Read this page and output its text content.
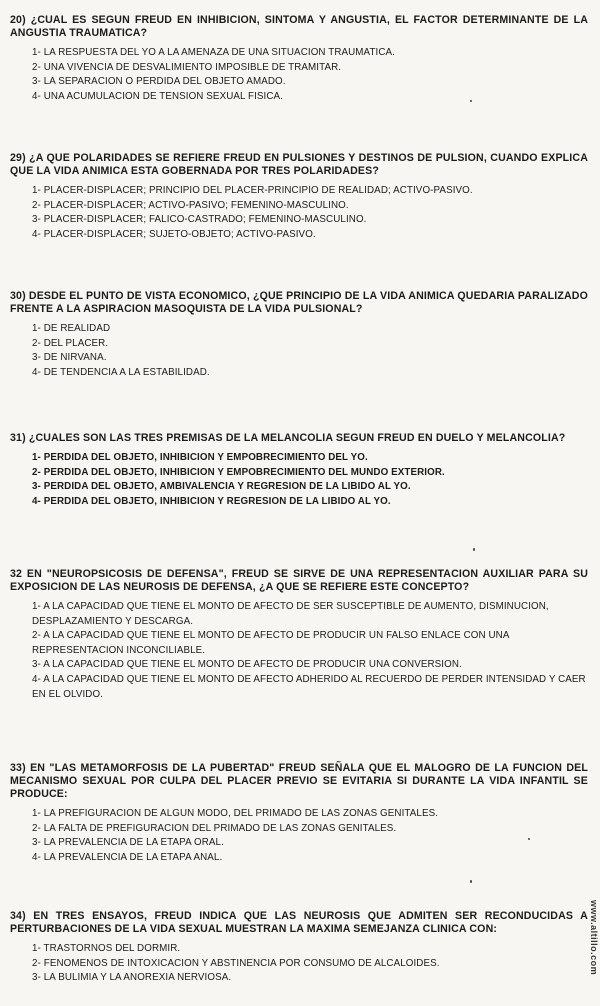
20) ¿CUAL ES SEGUN FREUD EN INHIBICION, SINTOMA Y ANGUSTIA, EL FACTOR DETERMINANTE DE LA ANGUSTIA TRAUMATICA?
1- LA RESPUESTA DEL YO A LA AMENAZA DE UNA SITUACION TRAUMATICA.
2- UNA VIVENCIA DE DESVALIMIENTO IMPOSIBLE DE TRAMITAR.
3- LA SEPARACION O PERDIDA DEL OBJETO AMADO.
4- UNA ACUMULACION DE TENSION SEXUAL FISICA.
29) ¿A QUE POLARIDADES SE REFIERE FREUD EN PULSIONES Y DESTINOS DE PULSION, CUANDO EXPLICA QUE LA VIDA ANIMICA ESTA GOBERNADA POR TRES POLARIDADES?
1- PLACER-DISPLACER; PRINCIPIO DEL PLACER-PRINCIPIO DE REALIDAD; ACTIVO-PASIVO.
2- PLACER-DISPLACER; ACTIVO-PASIVO; FEMENINO-MASCULINO.
3- PLACER-DISPLACER; FALICO-CASTRADO; FEMENINO-MASCULINO.
4- PLACER-DISPLACER; SUJETO-OBJETO; ACTIVO-PASIVO.
30) DESDE EL PUNTO DE VISTA ECONOMICO, ¿QUE PRINCIPIO DE LA VIDA ANIMICA QUEDARIA PARALIZADO FRENTE A LA ASPIRACION MASOQUISTA DE LA VIDA PULSIONAL?
1- DE REALIDAD
2- DEL PLACER.
3- DE NIRVANA.
4- DE TENDENCIA A LA ESTABILIDAD.
31) ¿CUALES SON LAS TRES PREMISAS DE LA MELANCOLIA SEGUN FREUD EN DUELO Y MELANCOLIA?
1- PERDIDA DEL OBJETO, INHIBICION Y EMPOBRECIMIENTO DEL YO.
2- PERDIDA DEL OBJETO, INHIBICION Y EMPOBRECIMIENTO DEL MUNDO EXTERIOR.
3- PERDIDA DEL OBJETO, AMBIVALENCIA Y REGRESION DE LA LIBIDO AL YO.
4- PERDIDA DEL OBJETO, INHIBICION Y REGRESION DE LA LIBIDO AL YO.
32 EN "NEUROPSICOSIS DE DEFENSA", FREUD SE SIRVE DE UNA REPRESENTACION AUXILIAR PARA SU EXPOSICION DE LAS NEUROSIS DE DEFENSA, ¿A QUE SE REFIERE ESTE CONCEPTO?
1- A LA CAPACIDAD QUE TIENE EL MONTO DE AFECTO DE SER SUSCEPTIBLE DE AUMENTO, DISMINUCION, DESPLAZAMIENTO Y DESCARGA.
2- A LA CAPACIDAD QUE TIENE EL MONTO DE AFECTO DE PRODUCIR UN FALSO ENLACE CON UNA REPRESENTACION INCONCILIABLE.
3- A LA CAPACIDAD QUE TIENE EL MONTO DE AFECTO DE PRODUCIR UNA CONVERSION.
4- A LA CAPACIDAD QUE TIENE EL MONTO DE AFECTO ADHERIDO AL RECUERDO DE PERDER INTENSIDAD Y CAER EN EL OLVIDO.
33) EN "LAS METAMORFOSIS DE LA PUBERTAD" FREUD SEÑALA QUE EL MALOGRO DE LA FUNCION DEL MECANISMO SEXUAL POR CULPA DEL PLACER PREVIO SE EVITARIA SI DURANTE LA VIDA INFANTIL SE PRODUCE:
1- LA PREFIGURACION DE ALGUN MODO, DEL PRIMADO DE LAS ZONAS GENITALES.
2- LA FALTA DE PREFIGURACION DEL PRIMADO DE LAS ZONAS GENITALES.
3- LA PREVALENCIA DE LA ETAPA ORAL.
4- LA PREVALENCIA DE LA ETAPA ANAL.
34) EN TRES ENSAYOS, FREUD INDICA QUE LAS NEUROSIS QUE ADMITEN SER RECONDUCIDAS A PERTURBACIONES DE LA VIDA SEXUAL MUESTRAN LA MAXIMA SEMEJANZA CLINICA CON:
1- TRASTORNOS DEL DORMIR.
2- FENOMENOS DE INTOXICACION Y ABSTINENCIA POR CONSUMO DE ALCALOIDES.
3- LA BULIMIA Y LA ANOREXIA NERVIOSA.
www.altillo.com
